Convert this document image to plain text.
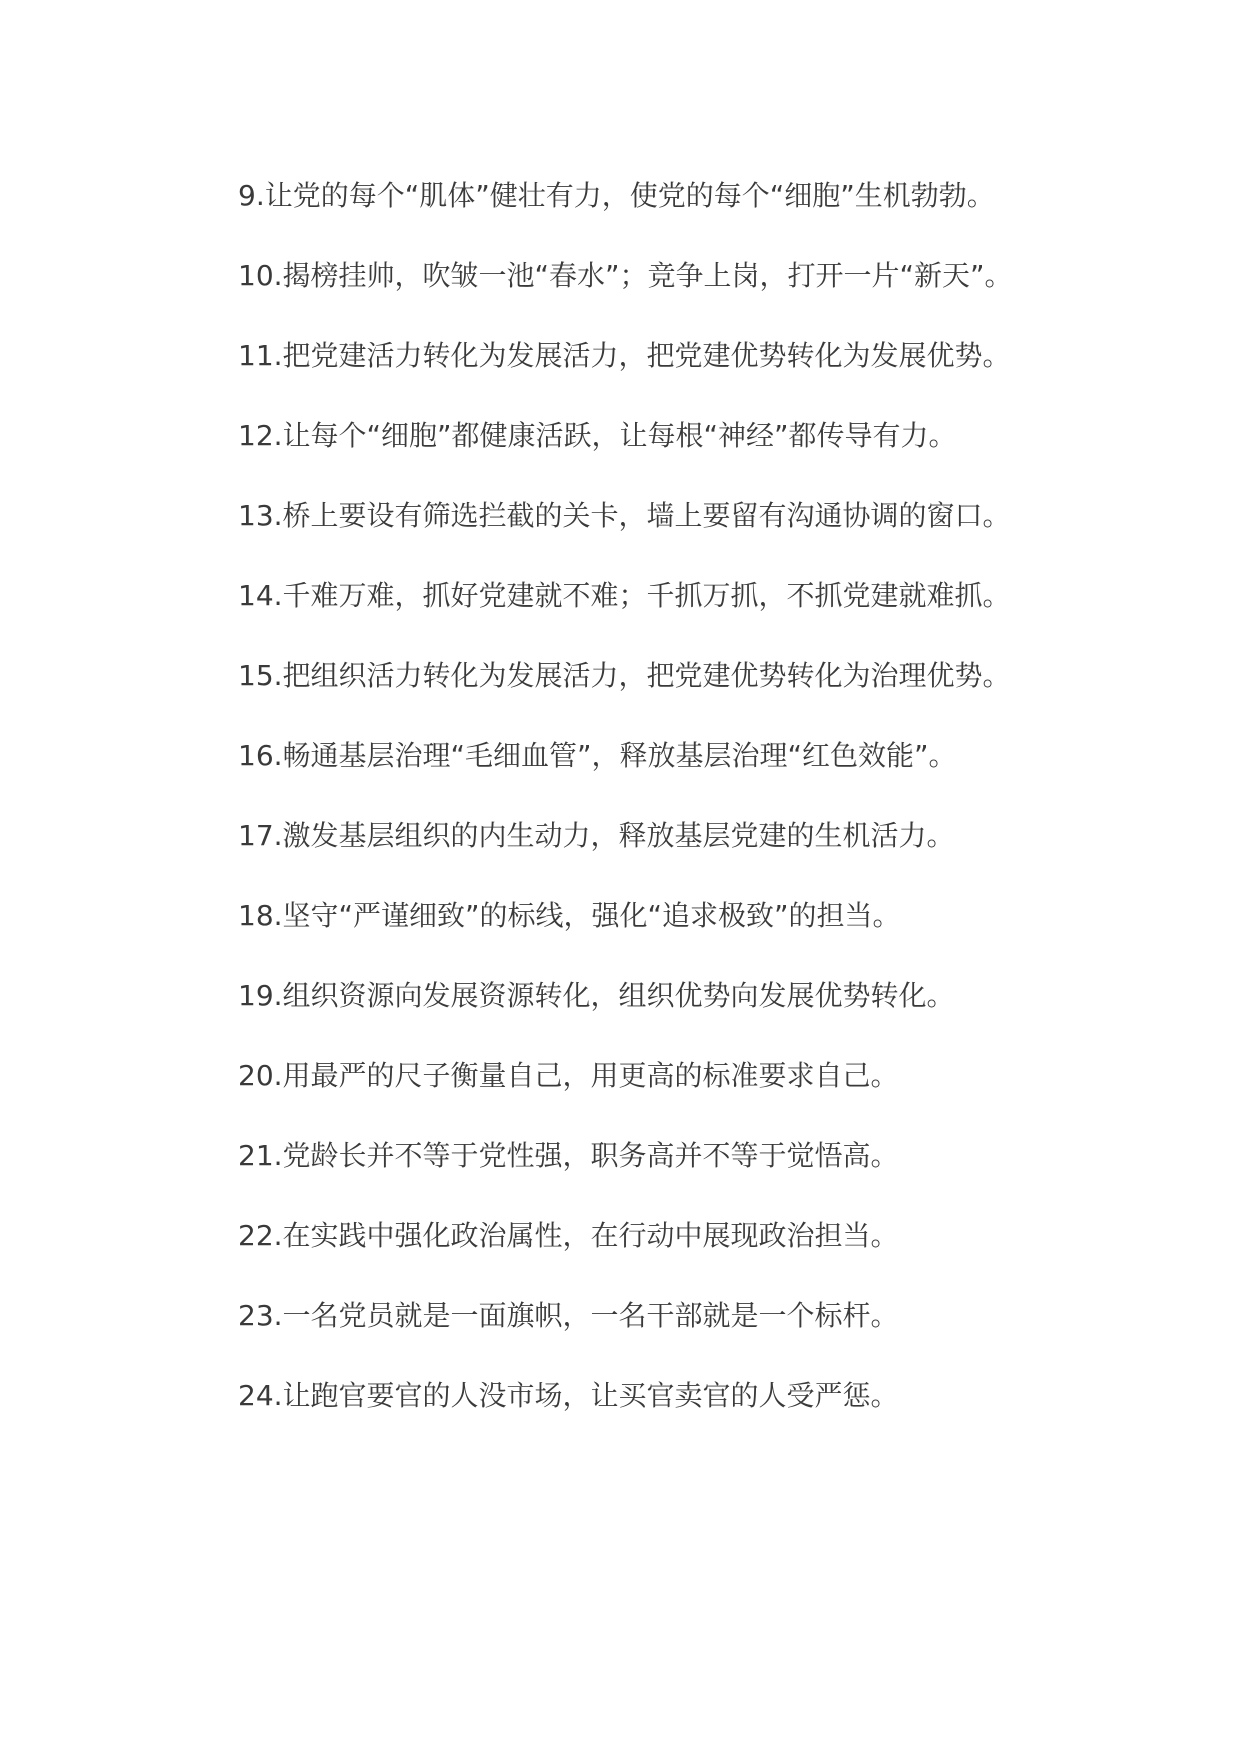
9.让党的每个“肌体”健壮有力，使党的每个“细胞”生机勃勃。

10.揭榜挂帅，吹皱一池“春水”；竞争上岗，打开一片“新天”。

11.把党建活力转化为发展活力，把党建优势转化为发展优势。

12.让每个“细胞”都健康活跃，让每根“神经”都传导有力。

13.桥上要设有筛选拦截的关卡，墙上要留有沟通协调的窗口。

14.千难万难，抓好党建就不难；千抓万抓，不抓党建就难抓。

15.把组织活力转化为发展活力，把党建优势转化为治理优势。

16.畅通基层治理“毛细血管”，释放基层治理“红色效能”。

17.激发基层组织的内生动力，释放基层党建的生机活力。

18.坚守“严谨细致”的标线，强化“追求极致”的担当。

19.组织资源向发展资源转化，组织优势向发展优势转化。

20.用最严的尺子衡量自己，用更高的标准要求自己。

21.党龄长并不等于党性强，职务高并不等于觉悟高。

22.在实践中强化政治属性，在行动中展现政治担当。

23.一名党员就是一面旗帜，一名干部就是一个标杆。

24.让跑官要官的人没市场，让买官卖官的人受严惩。
